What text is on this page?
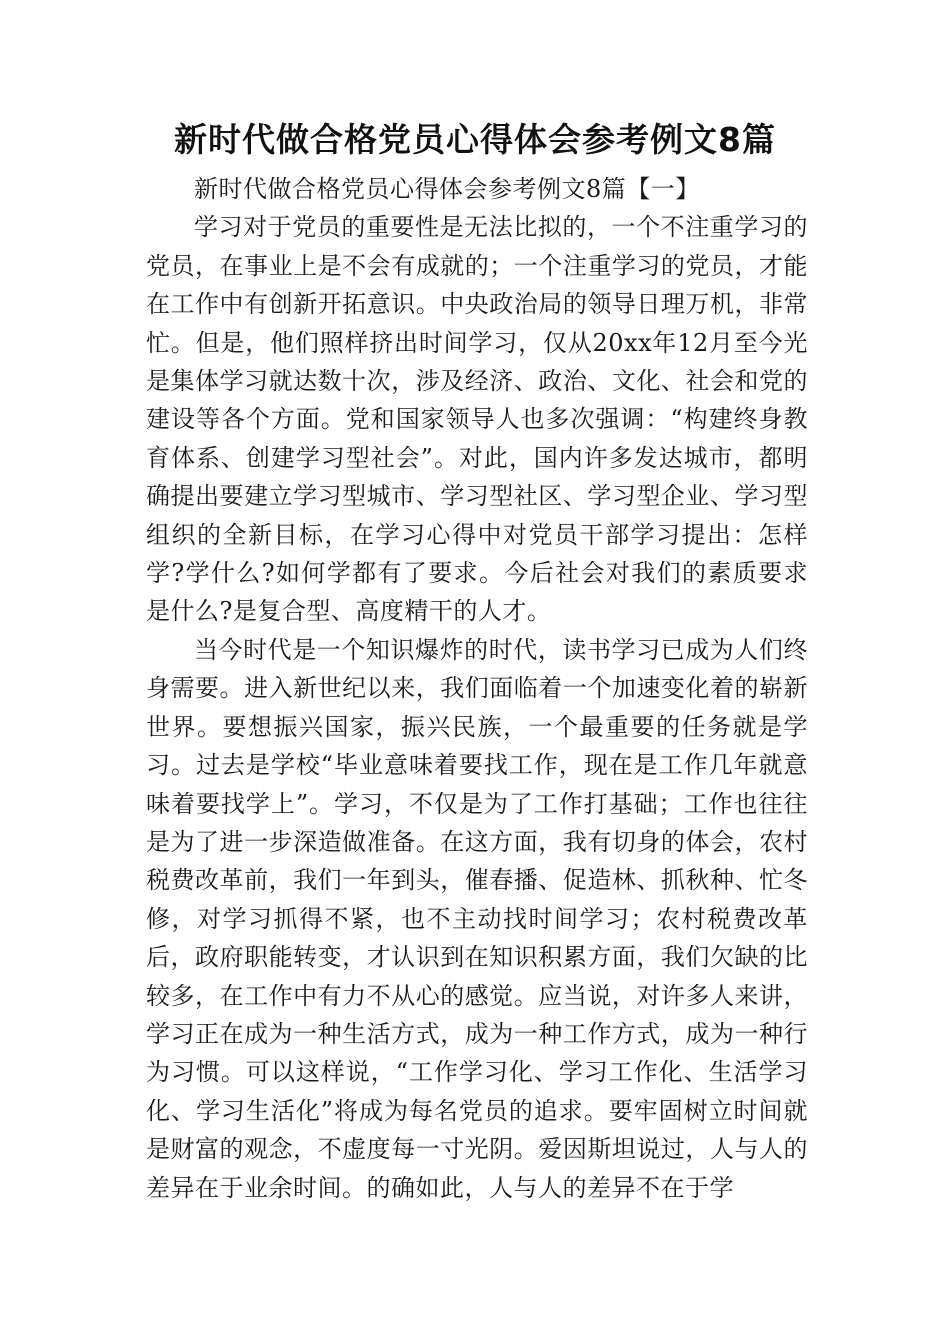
新时代做合格党员心得体会参考例文8篇

新时代做合格党员心得体会参考例文8篇【一】

学习对于党员的重要性是无法比拟的，一个不注重学习的党员，在事业上是不会有成就的；一个注重学习的党员，才能在工作中有创新开拓意识。中央政治局的领导日理万机，非常忙。但是，他们照样挤出时间学习，仅从20xx年12月至今光是集体学习就达数十次，涉及经济、政治、文化、社会和党的建设等各个方面。党和国家领导人也多次强调：“构建终身教育体系、创建学习型社会”。对此，国内许多发达城市，都明确提出要建立学习型城市、学习型社区、学习型企业、学习型组织的全新目标，在学习心得中对党员干部学习提出：怎样学?学什么?如何学都有了要求。今后社会对我们的素质要求是什么?是复合型、高度精干的人才。

当今时代是一个知识爆炸的时代，读书学习已成为人们终身需要。进入新世纪以来，我们面临着一个加速变化着的崭新世界。要想振兴国家，振兴民族，一个最重要的任务就是学习。过去是学校“毕业意味着要找工作，现在是工作几年就意味着要找学上”。学习，不仅是为了工作打基础；工作也往往是为了进一步深造做准备。在这方面，我有切身的体会，农村税费改革前，我们一年到头，催春播、促造林、抓秋种、忙冬修，对学习抓得不紧，也不主动找时间学习；农村税费改革后，政府职能转变，才认识到在知识积累方面，我们欠缺的比较多，在工作中有力不从心的感觉。应当说，对许多人来讲，学习正在成为一种生活方式，成为一种工作方式，成为一种行为习惯。可以这样说，“工作学习化、学习工作化、生活学习化、学习生活化”将成为每名党员的追求。要牢固树立时间就是财富的观念，不虚度每一寸光阴。爱因斯坦说过，人与人的差异在于业余时间。的确如此，人与人的差异不在于学
